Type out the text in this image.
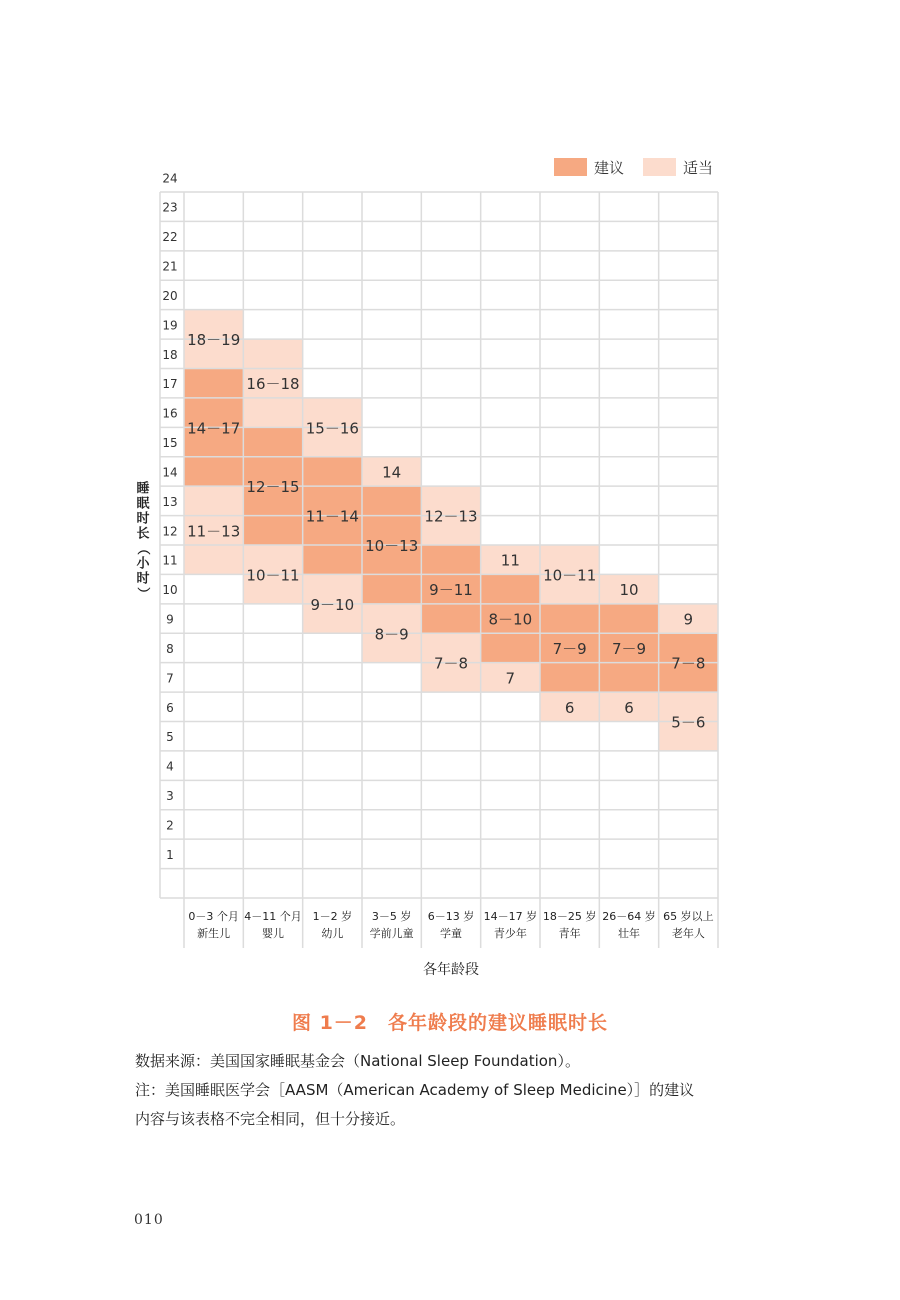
1
2
3
4
5
6
7
8
9
10
11
12
13
14
15
16
17
18
19
20
21
22
23
24
11－13
18－19
10－11
16－18
9－10
15－16
8－9
14
7－8
12－13
7
11
6
10－11
6
10
5－6
9
14－17
12－15
11－14
10－13
9－11
8－10
7－9 7－9
7－8
0－3 个月
新生儿
4－11 个月
婴儿
1－2 岁
幼儿
3－5 岁
学前儿童
6－13 岁
学童
14－17 岁
青少年
18－25 岁
青年
26－64 岁
壮年
65 岁以上
老年人
各年龄段
睡
眠
时
长
（
小
时
）
建议	适当
图 1－2　各年龄段的建议睡眠时长
数据来源：美国国家睡眠基金会（National Sleep Foundation）。
注：美国睡眠医学会［AASM（American Academy of Sleep Medicine）］的建议
内容与该表格不完全相同，但十分接近。
010
